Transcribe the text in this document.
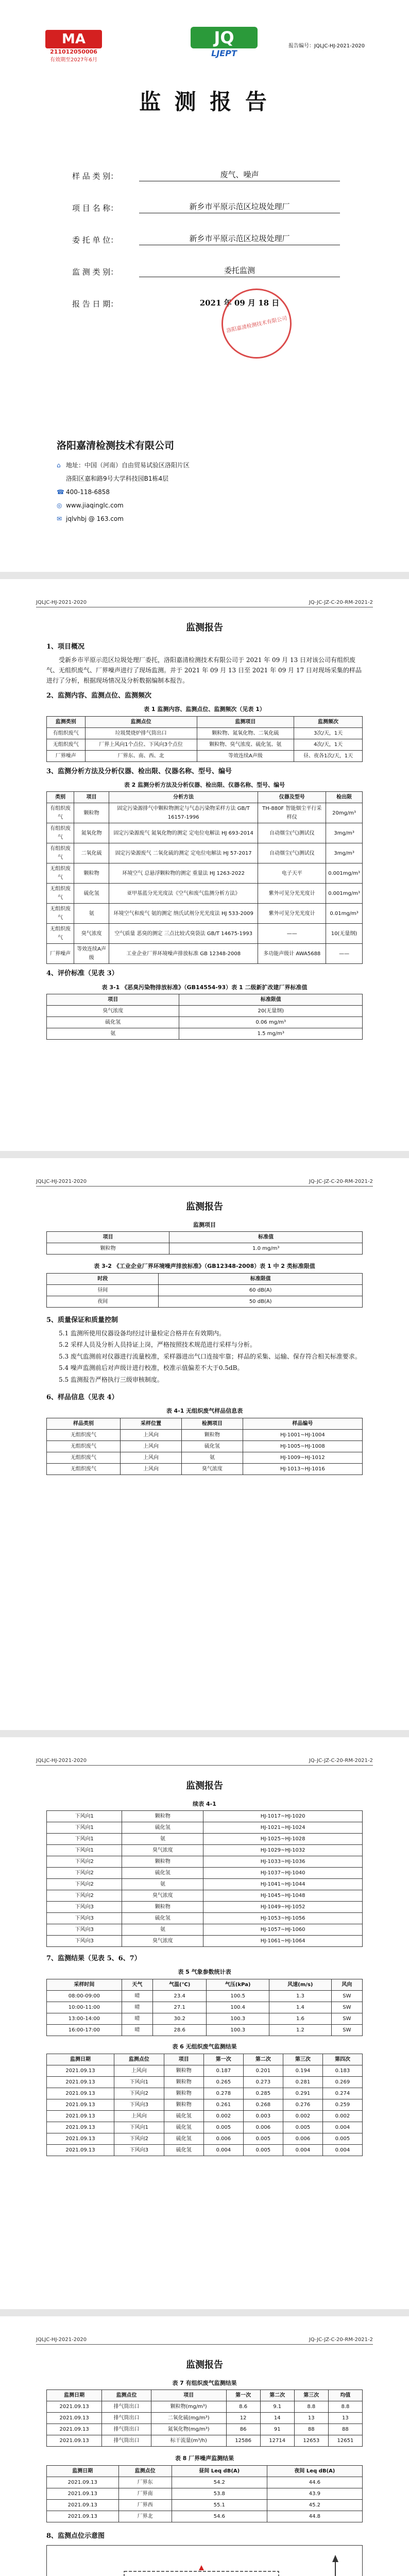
MA
211012050006
有效期至2027年6月
JQ
LJEPT
报告编号：JQLJC-HJ-2021-2020
监 测 报 告
样 品 类 别：	废气、噪声
项 目 名 称：	新乡市平原示范区垃圾处理厂
委 托 单 位：	新乡市平原示范区垃圾处理厂
监 测 类 别：	委托监测
报 告 日 期：	2021 年 09 月 18 日
洛阳嘉清检测技术有限公司
洛阳嘉清检测技术有限公司
⌂ 地址：中国（河南）自由贸易试验区洛阳片区
洛阳区嘉和路9号大学科技园B1栋4层
☎ 400-118-6858
◎ www.jiaqinglc.com
✉ jqlvhbj @ 163.com
JQLJC-HJ-2021-2020	JQ-JC-JZ-C-20-RM-2021-2
监测报告
1、项目概况

受新乡市平原示范区垃圾处理厂委托，洛阳嘉清检测技术有限公司于 2021 年 09 月 13 日对该公司有组织废气、无组织废气、厂界噪声进行了现场监测。并于 2021 年 09 月 13 日至 2021 年 09 月 17 日对现场采集的样品进行了分析，根据现场情况及分析数据编制本报告。

2、监测内容、监测点位、监测频次
表 1 监测内容、监测点位、监测频次（见表 1）
监测类别	监测点位	监测项目	监测频次
有组织废气	垃圾焚烧炉排气筒出口	颗粒物、氮氧化物、二氧化硫	3次/天，1天
无组织废气	厂界上风向1个点位、下风向3个点位	颗粒物、臭气浓度、硫化氢、氨	4次/天，1天
厂界噪声	厂界东、南、西、北	等效连续A声级	昼、夜各1次/天，1天
3、监测分析方法及分析仪器、检出限、仪器名称、型号、编号
表 2 监测分析方法及分析仪器、检出限、仪器名称、型号、编号
类别	项目	分析方法	仪器及型号	检出限
有组织废气	颗粒物	固定污染源排气中颗粒物测定与气态污染物采样方法 GB/T 16157-1996	TH-880F 智能烟尘平行采样仪	20mg/m³
有组织废气	氮氧化物	固定污染源废气 氮氧化物的测定 定电位电解法 HJ 693-2014	自动烟尘(气)测试仪	3mg/m³
有组织废气	二氧化硫	固定污染源废气 二氧化硫的测定 定电位电解法 HJ 57-2017	自动烟尘(气)测试仪	3mg/m³
无组织废气	颗粒物	环境空气 总悬浮颗粒物的测定 重量法 HJ 1263-2022	电子天平	0.001mg/m³
无组织废气	硫化氢	亚甲基蓝分光光度法《空气和废气监测分析方法》	紫外可见分光光度计	0.001mg/m³
无组织废气	氨	环境空气和废气 氨的测定 纳氏试剂分光光度法 HJ 533-2009	紫外可见分光光度计	0.01mg/m³
无组织废气	臭气浓度	空气质量 恶臭的测定 三点比较式臭袋法 GB/T 14675-1993	——	10(无量纲)
厂界噪声	等效连续A声级	工业企业厂界环境噪声排放标准 GB 12348-2008	多功能声级计 AWA5688	——
4、评价标准（见表 3）
表 3-1 《恶臭污染物排放标准》（GB14554-93）表 1 二级新扩改建厂界标准值
项目	标准限值
臭气浓度	20(无量纲)
硫化氢	0.06 mg/m³
氨	1.5 mg/m³
JQLJC-HJ-2021-2020	JQ-JC-JZ-C-20-RM-2021-2
监测报告
监测项目
项目	标准值
颗粒物	1.0 mg/m³
表 3-2 《工业企业厂界环境噪声排放标准》（GB12348-2008）表 1 中 2 类标准限值
时段	标准限值
昼间	60 dB(A)
夜间	50 dB(A)
5、质量保证和质量控制

5.1 监测所使用仪器设备均经过计量检定合格并在有效期内。

5.2 采样人员及分析人员持证上岗，严格按照技术规范进行采样与分析。

5.3 废气监测前对仪器进行流量校准，采样器进出气口连接牢靠；样品的采集、运输、保存符合相关标准要求。

5.4 噪声监测前后对声级计进行校准，校准示值偏差不大于0.5dB。

5.5 监测报告严格执行三级审核制度。

6、样品信息（见表 4）
表 4-1 无组织废气样品信息表
样品类别	采样位置	检测项目	样品编号
无组织废气	上风向	颗粒物	HJ-1001~HJ-1004
无组织废气	上风向	硫化氢	HJ-1005~HJ-1008
无组织废气	上风向	氨	HJ-1009~HJ-1012
无组织废气	上风向	臭气浓度	HJ-1013~HJ-1016
JQLJC-HJ-2021-2020	JQ-JC-JZ-C-20-RM-2021-2
监测报告
续表 4-1
下风向1	颗粒物	HJ-1017~HJ-1020
下风向1	硫化氢	HJ-1021~HJ-1024
下风向1	氨	HJ-1025~HJ-1028
下风向1	臭气浓度	HJ-1029~HJ-1032
下风向2	颗粒物	HJ-1033~HJ-1036
下风向2	硫化氢	HJ-1037~HJ-1040
下风向2	氨	HJ-1041~HJ-1044
下风向2	臭气浓度	HJ-1045~HJ-1048
下风向3	颗粒物	HJ-1049~HJ-1052
下风向3	硫化氢	HJ-1053~HJ-1056
下风向3	氨	HJ-1057~HJ-1060
下风向3	臭气浓度	HJ-1061~HJ-1064
7、监测结果（见表 5、6、7）
表 5 气象参数统计表
采样时间	天气	气温(℃)	气压(kPa)	风速(m/s)	风向
08:00-09:00	晴	23.4	100.5	1.3	SW
10:00-11:00	晴	27.1	100.4	1.4	SW
13:00-14:00	晴	30.2	100.3	1.6	SW
16:00-17:00	晴	28.6	100.3	1.2	SW
表 6 无组织废气监测结果
监测日期	监测点位	项目	第一次	第二次	第三次	第四次
2021.09.13	上风向	颗粒物	0.187	0.201	0.194	0.183
2021.09.13	下风向1	颗粒物	0.265	0.273	0.281	0.269
2021.09.13	下风向2	颗粒物	0.278	0.285	0.291	0.274
2021.09.13	下风向3	颗粒物	0.261	0.268	0.276	0.259
2021.09.13	上风向	硫化氢	0.002	0.003	0.002	0.002
2021.09.13	下风向1	硫化氢	0.005	0.006	0.005	0.004
2021.09.13	下风向2	硫化氢	0.006	0.005	0.006	0.005
2021.09.13	下风向3	硫化氢	0.004	0.005	0.004	0.004
JQLJC-HJ-2021-2020	JQ-JC-JZ-C-20-RM-2021-2
监测报告
表 7 有组织废气监测结果
监测日期	监测点位	项目	第一次	第二次	第三次	均值
2021.09.13	排气筒出口	颗粒物(mg/m³)	8.6	9.1	8.8	8.8
2021.09.13	排气筒出口	二氧化硫(mg/m³)	12	14	13	13
2021.09.13	排气筒出口	氮氧化物(mg/m³)	86	91	88	88
2021.09.13	排气筒出口	标干流量(m³/h)	12586	12714	12653	12651
表 8 厂界噪声监测结果
监测日期	监测点位	昼间 Leq dB(A)	夜间 Leq dB(A)
2021.09.13	厂界东	54.2	44.6
2021.09.13	厂界南	53.8	43.9
2021.09.13	厂界西	55.1	45.2
2021.09.13	厂界北	54.6	44.8
8、监测点位示意图
